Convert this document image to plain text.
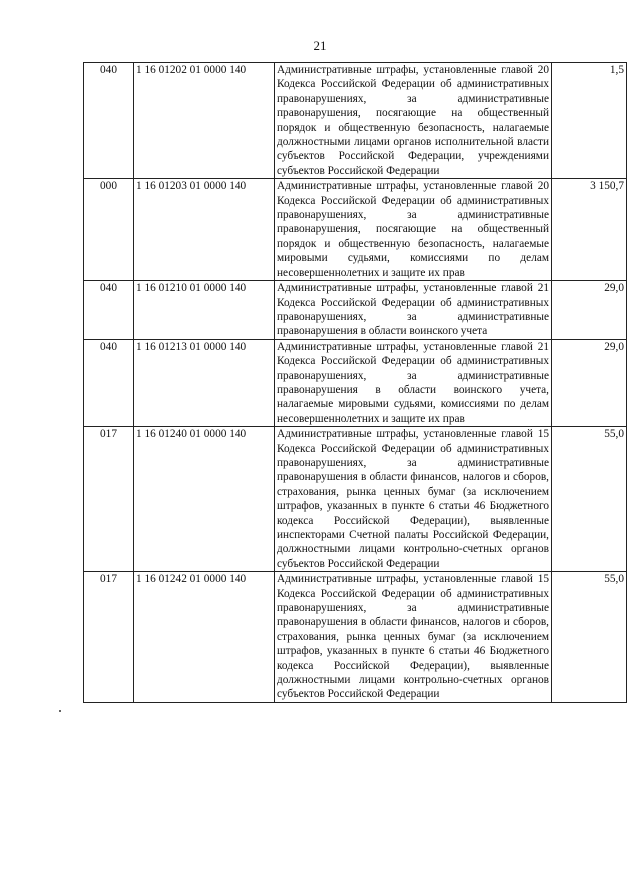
21
040	1 16 01202 01 0000 140	Административные штрафы, установленные главой 20 Кодекса Российской Федерации об административных правонарушениях, за административные правонарушения, посягающие на общественный порядок и общественную безопасность, налагаемые должностными лицами органов исполнительной власти субъектов Российской Федерации, учреждениями субъектов Российской Федерации	1,5
000	1 16 01203 01 0000 140	Административные штрафы, установленные главой 20 Кодекса Российской Федерации об административных правонарушениях, за административные правонарушения, посягающие на общественный порядок и общественную безопасность, налагаемые мировыми судьями, комиссиями по делам несовершеннолетних и защите их прав	3 150,7
040	1 16 01210 01 0000 140	Административные штрафы, установленные главой 21 Кодекса Российской Федерации об административных правонарушениях, за административные правонарушения в области воинского учета	29,0
040	1 16 01213 01 0000 140	Административные штрафы, установленные главой 21 Кодекса Российской Федерации об административных правонарушениях, за административные правонарушения в области воинского учета, налагаемые мировыми судьями, комиссиями по делам несовершеннолетних и защите их прав	29,0
017	1 16 01240 01 0000 140	Административные штрафы, установленные главой 15 Кодекса Российской Федерации об административных правонарушениях, за административные правонарушения в области финансов, налогов и сборов, страхования, рынка ценных бумаг (за исключением штрафов, указанных в пункте 6 статьи 46 Бюджетного кодекса Российской Федерации), выявленные инспекторами Счетной палаты Российской Федерации, должностными лицами контрольно-счетных органов субъектов Российской Федерации	55,0
017	1 16 01242 01 0000 140	Административные штрафы, установленные главой 15 Кодекса Российской Федерации об административных правонарушениях, за административные правонарушения в области финансов, налогов и сборов, страхования, рынка ценных бумаг (за исключением штрафов, указанных в пункте 6 статьи 46 Бюджетного кодекса Российской Федерации), выявленные должностными лицами контрольно-счетных органов субъектов Российской Федерации	55,0
